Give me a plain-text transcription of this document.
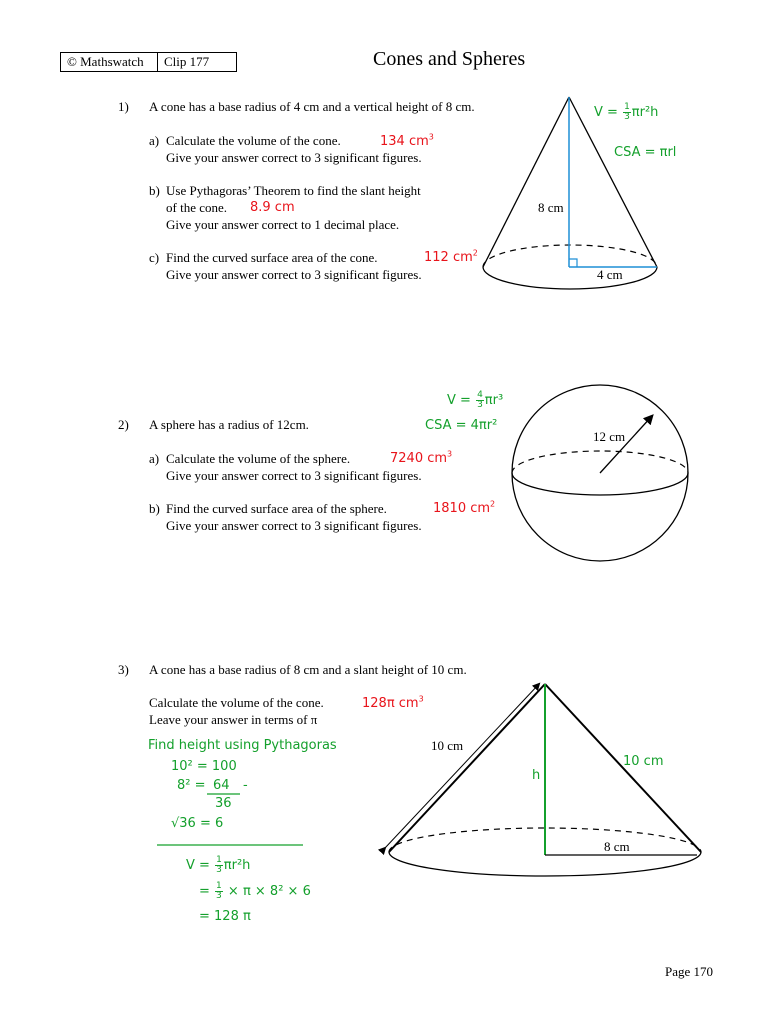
© Mathswatch	Clip 177	Cones and Spheres
1) A cone has a base radius of 4 cm and a vertical height of 8 cm.
a) Calculate the volume of the cone.	134 $cm^3$
Give your answer correct to 3 significant figures.
b) Use Pythagoras’ Theorem to find the slant height
of the cone. 8.9 cm
Give your answer correct to 1 decimal place.
c) Find the curved surface area of the cone.	112 $cm^2$
Give your answer correct to 3 significant figures.
$V = \frac{1}{3} \pi r^2h$
CSA = πrl
8 cm
4 cm
2) A sphere has a radius of 12cm.
$V = \frac{4}{3} \pi r^3$
CSA = 4πr²
a) Calculate the volume of the sphere.	7240 $cm^3$
Give your answer correct to 3 significant figures.
b) Find the curved surface area of the sphere.	1810 $cm^2$
Give your answer correct to 3 significant figures.
12 cm
3) A cone has a base radius of 8 cm and a slant height of 10 cm.
Calculate the volume of the cone.	128π $cm^3$
Leave your answer in terms of π
Find height using Pythagoras
10² = 100
8² = 64 -
36
√36 = 6
$V = \frac{1}{3} \pi r^2h$
= $\frac{1}{3} \times \pi \times 8^2 \times 6$
= 128 π
10 cm
10 cm
h
8 cm
Page 170
